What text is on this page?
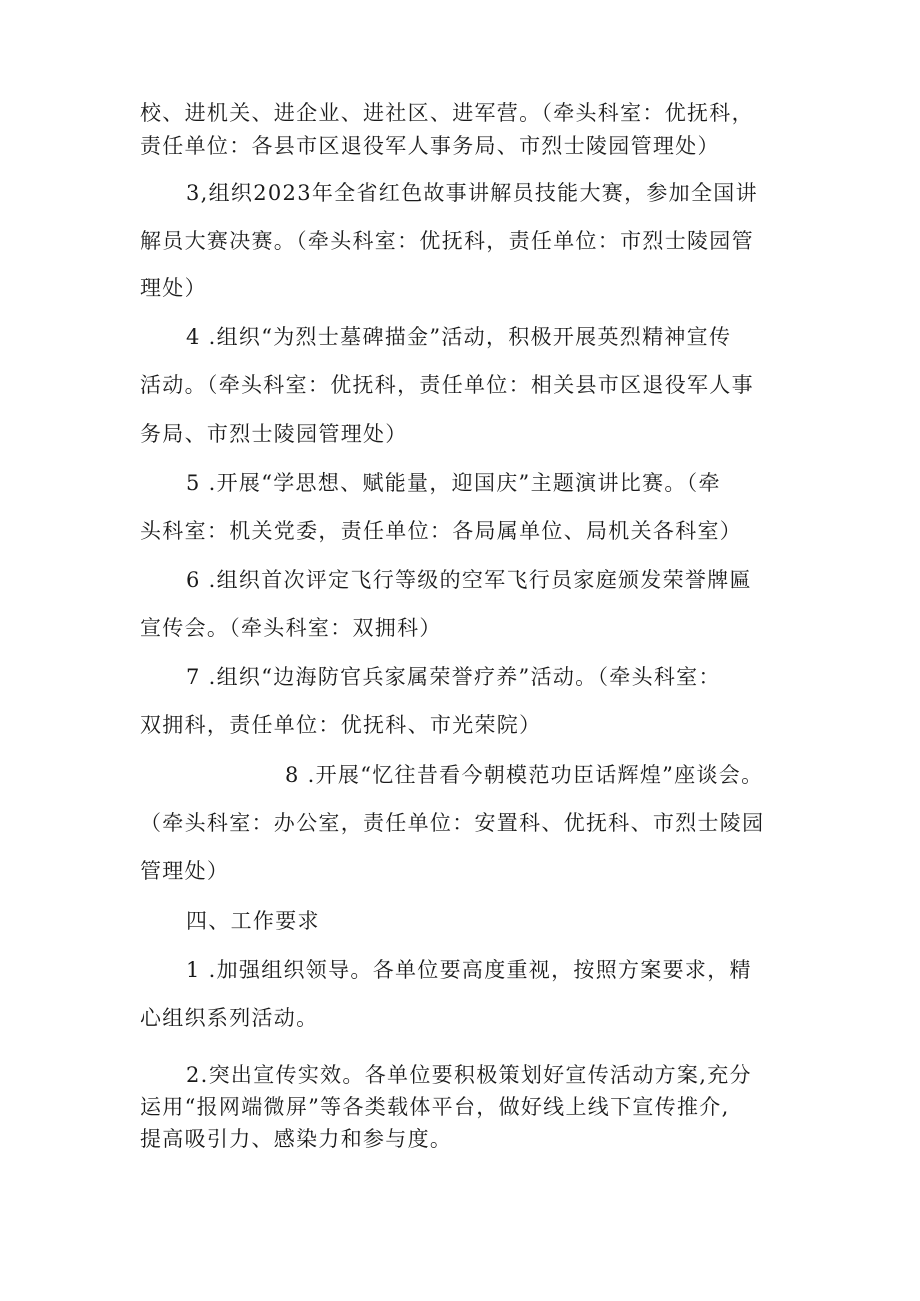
校、进机关、进企业、进社区、进军营。（牵头科室：优抚科，
责任单位：各县市区退役军人事务局、市烈士陵园管理处）
3,组织2023年全省红色故事讲解员技能大赛，参加全国讲
解员大赛决赛。（牵头科室：优抚科，责任单位：市烈士陵园管
理处）
4 .组织“为烈士墓碑描金”活动，积极开展英烈精神宣传
活动。（牵头科室：优抚科，责任单位：相关县市区退役军人事
务局、市烈士陵园管理处）
5 .开展“学思想、赋能量，迎国庆”主题演讲比赛。（牵
头科室：机关党委，责任单位：各局属单位、局机关各科室）
6 .组织首次评定飞行等级的空军飞行员家庭颁发荣誉牌匾
宣传会。（牵头科室：双拥科）
7 .组织“边海防官兵家属荣誉疗养”活动。（牵头科室：
双拥科，责任单位：优抚科、市光荣院）
8 .开展“忆往昔看今朝模范功臣话辉煌”座谈会。
（牵头科室：办公室，责任单位：安置科、优抚科、市烈士陵园
管理处）
四、工作要求
1 .加强组织领导。各单位要高度重视，按照方案要求，精
心组织系列活动。
2.突出宣传实效。各单位要积极策划好宣传活动方案,充分
运用“报网端微屏”等各类载体平台，做好线上线下宣传推介,
提高吸引力、感染力和参与度。
